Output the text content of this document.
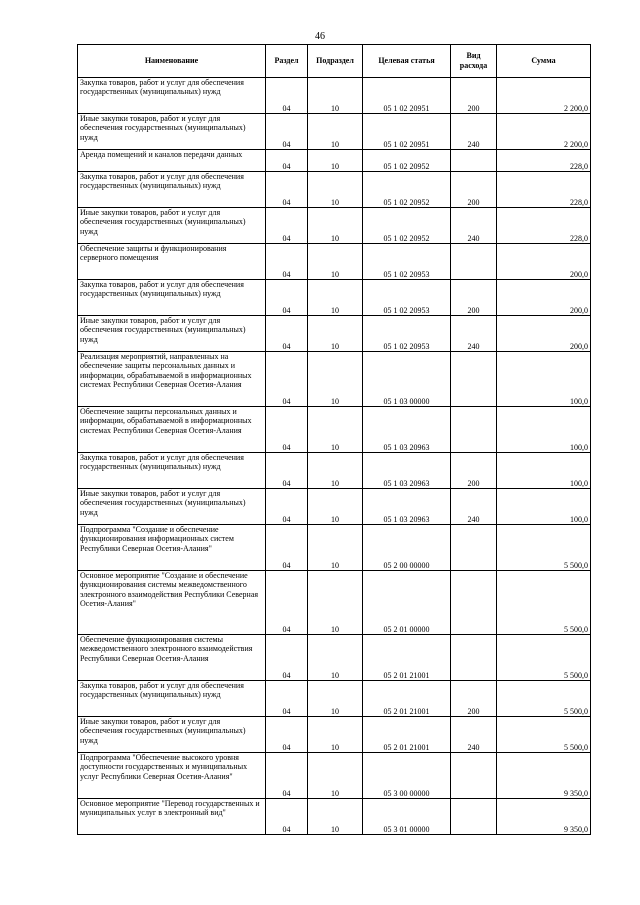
46
Наименование	Раздел	Подраздел	Целевая статья	Вид расхода	Сумма
Закупка товаров, работ и услуг для обеспечения государственных (муниципальных) нужд	04	10	05 1 02 20951	200	2 200,0
Иные закупки товаров, работ и услуг для обеспечения государственных (муниципальных) нужд	04	10	05 1 02 20951	240	2 200,0
Аренда помещений и каналов передачи данных	04	10	05 1 02 20952		228,0
Закупка товаров, работ и услуг для обеспечения государственных (муниципальных) нужд	04	10	05 1 02 20952	200	228,0
Иные закупки товаров, работ и услуг для обеспечения государственных (муниципальных) нужд	04	10	05 1 02 20952	240	228,0
Обеспечение защиты и функционирования серверного помещения	04	10	05 1 02 20953		200,0
Закупка товаров, работ и услуг для обеспечения государственных (муниципальных) нужд	04	10	05 1 02 20953	200	200,0
Иные закупки товаров, работ и услуг для обеспечения государственных (муниципальных) нужд	04	10	05 1 02 20953	240	200,0
Реализация мероприятий, направленных на обеспечение защиты персональных данных и информации, обрабатываемой в информационных системах Республики Северная Осетия-Алания	04	10	05 1 03 00000		100,0
Обеспечение защиты персональных данных и информации, обрабатываемой в информационных системах Республики Северная Осетия-Алания	04	10	05 1 03 20963		100,0
Закупка товаров, работ и услуг для обеспечения государственных (муниципальных) нужд	04	10	05 1 03 20963	200	100,0
Иные закупки товаров, работ и услуг для обеспечения государственных (муниципальных) нужд	04	10	05 1 03 20963	240	100,0
Подпрограмма "Создание и обеспечение функционирования информационных систем Республики Северная Осетия-Алания"	04	10	05 2 00 00000		5 500,0
Основное мероприятие "Создание и обеспечение функционирования системы межведомственного электронного взаимодействия Республики Северная Осетия-Алания"	04	10	05 2 01 00000		5 500,0
Обеспечение функционирования системы межведомственного электронного взаимодействия Республики Северная Осетия-Алания	04	10	05 2 01 21001		5 500,0
Закупка товаров, работ и услуг для обеспечения государственных (муниципальных) нужд	04	10	05 2 01 21001	200	5 500,0
Иные закупки товаров, работ и услуг для обеспечения государственных (муниципальных) нужд	04	10	05 2 01 21001	240	5 500,0
Подпрограмма "Обеспечение высокого уровня доступности государственных и муниципальных услуг Республики Северная Осетия-Алания"	04	10	05 3 00 00000		9 350,0
Основное мероприятие "Перевод государственных и муниципальных услуг в электронный вид"	04	10	05 3 01 00000		9 350,0
